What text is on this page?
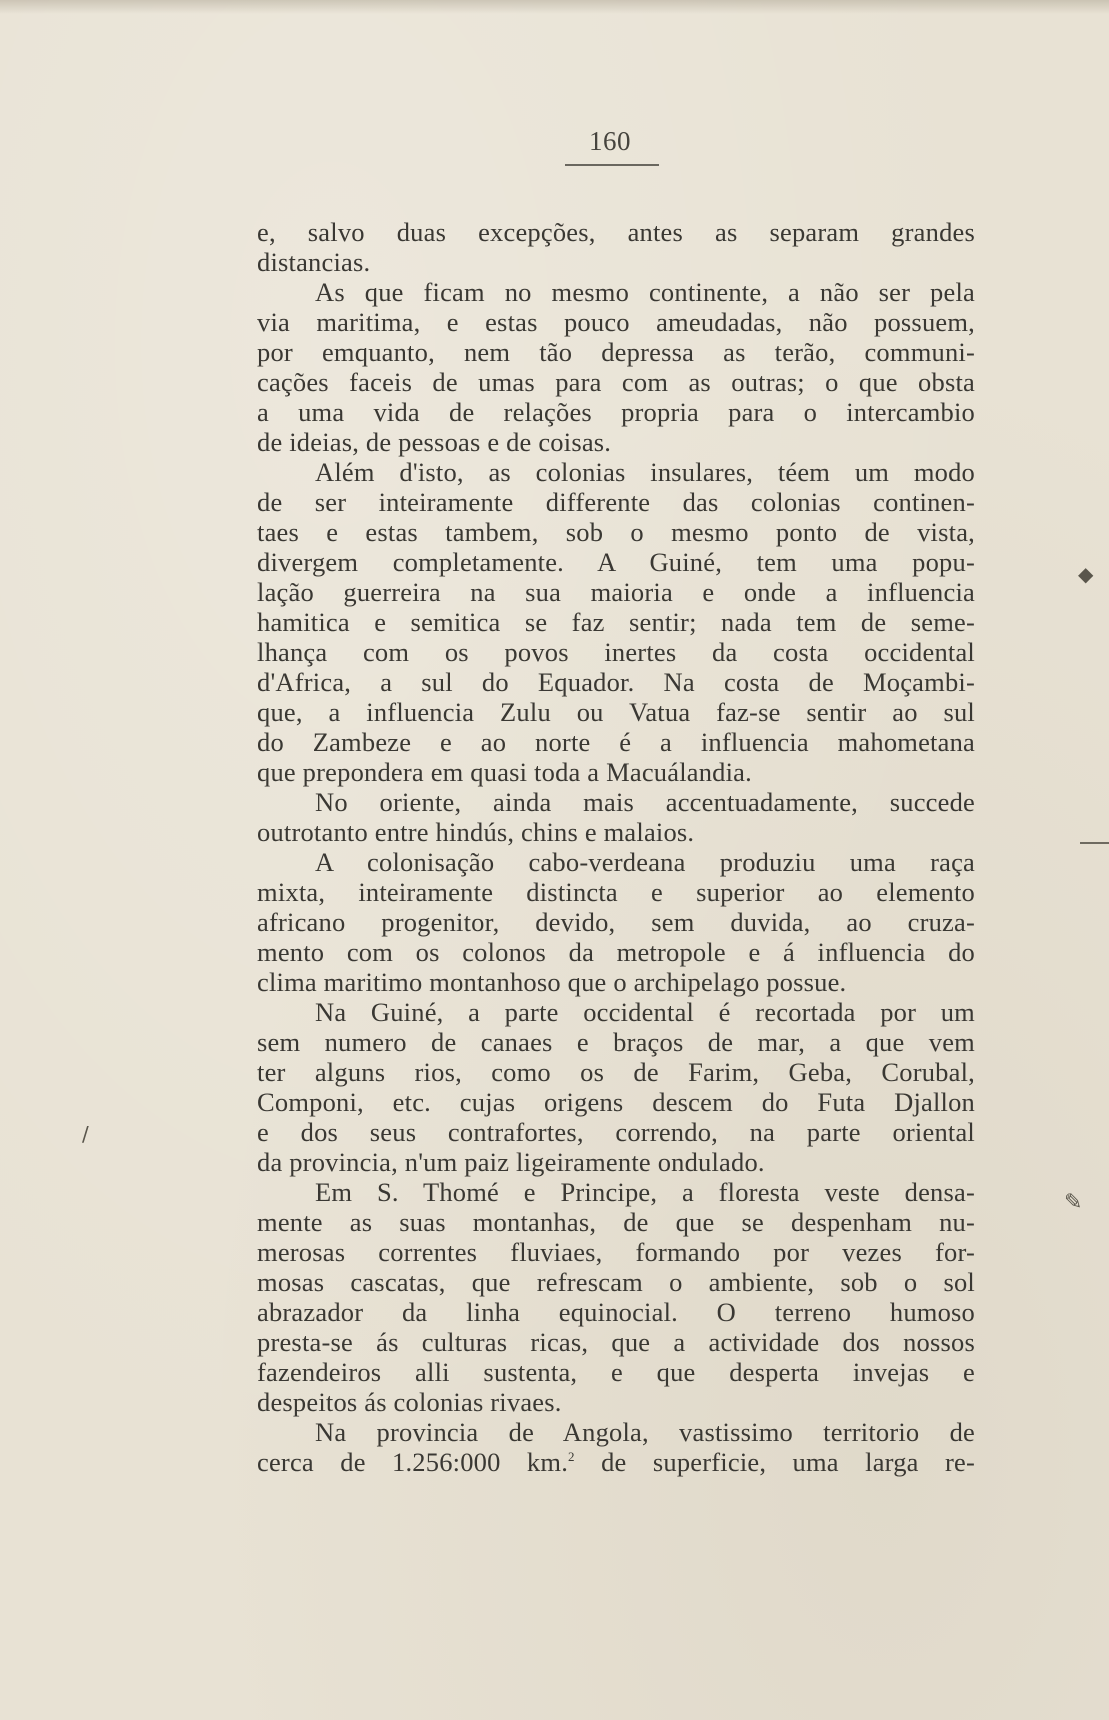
160
e, salvo duas excepções, antes as separam grandes
distancias.
As que ficam no mesmo continente, a não ser pela
via maritima, e estas pouco ameudadas, não possuem,
por emquanto, nem tão depressa as terão, communi-
cações faceis de umas para com as outras; o que obsta
a uma vida de relações propria para o intercambio
de ideias, de pessoas e de coisas.
Além d'isto, as colonias insulares, téem um modo
de ser inteiramente differente das colonias continen-
taes e estas tambem, sob o mesmo ponto de vista,
divergem completamente. A Guiné, tem uma popu-
lação guerreira na sua maioria e onde a influencia
hamitica e semitica se faz sentir; nada tem de seme-
lhança com os povos inertes da costa occidental
d'Africa, a sul do Equador. Na costa de Moçambi-
que, a influencia Zulu ou Vatua faz-se sentir ao sul
do Zambeze e ao norte é a influencia mahometana
que prepondera em quasi toda a Macuálandia.
No oriente, ainda mais accentuadamente, succede
outrotanto entre hindús, chins e malaios.
A colonisação cabo-verdeana produziu uma raça
mixta, inteiramente distincta e superior ao elemento
africano progenitor, devido, sem duvida, ao cruza-
mento com os colonos da metropole e á influencia do
clima maritimo montanhoso que o archipelago possue.
Na Guiné, a parte occidental é recortada por um
sem numero de canaes e braços de mar, a que vem
ter alguns rios, como os de Farim, Geba, Corubal,
Componi, etc. cujas origens descem do Futa Djallon
e dos seus contrafortes, correndo, na parte oriental
da provincia, n'um paiz ligeiramente ondulado.
Em S. Thomé e Principe, a floresta veste densa-
mente as suas montanhas, de que se despenham nu-
merosas correntes fluviaes, formando por vezes for-
mosas cascatas, que refrescam o ambiente, sob o sol
abrazador da linha equinocial. O terreno humoso
presta-se ás culturas ricas, que a actividade dos nossos
fazendeiros alli sustenta, e que desperta invejas e
despeitos ás colonias rivaes.
Na provincia de Angola, vastissimo territorio de
cerca de 1.256:000 km.$^2$ de superficie, uma larga re-
◆
✎
/
